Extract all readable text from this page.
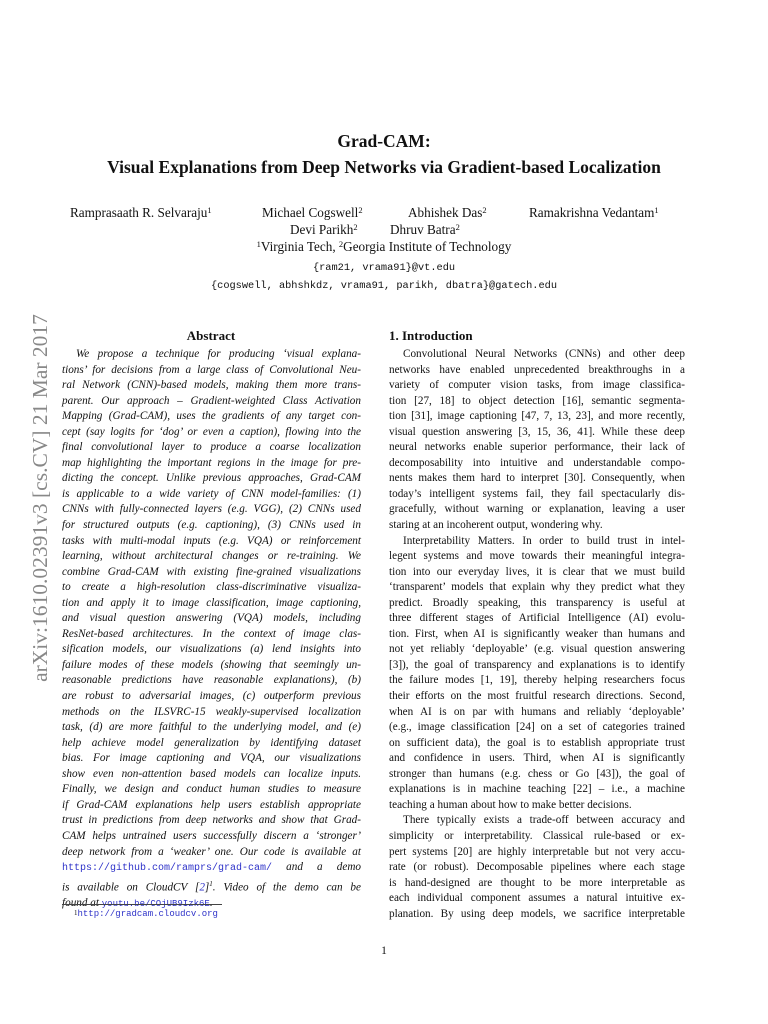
arXiv:1610.02391v3 [cs.CV] 21 Mar 2017
Grad-CAM:
Visual Explanations from Deep Networks via Gradient-based Localization
Ramprasaath R. Selvaraju$^1$	Michael Cogswell$^2$	Abhishek Das$^2$	Ramakrishna Vedantam$^1$
Devi Parikh$^2$ Dhruv Batra$^2$
$^1$Virginia Tech, $^2$Georgia Institute of Technology
{ram21, vrama91}@vt.edu
{cogswell, abhshkdz, vrama91, parikh, dbatra}@gatech.edu
Abstract
We propose a technique for producing ‘visual explana-
tions’ for decisions from a large class of Convolutional Neu-
ral Network (CNN)-based models, making them more trans-
parent. Our approach – Gradient-weighted Class Activation
Mapping (Grad-CAM), uses the gradients of any target con-
cept (say logits for ‘dog’ or even a caption), flowing into the
final convolutional layer to produce a coarse localization
map highlighting the important regions in the image for pre-
dicting the concept. Unlike previous approaches, Grad-CAM
is applicable to a wide variety of CNN model-families: (1)
CNNs with fully-connected layers (e.g. VGG), (2) CNNs used
for structured outputs (e.g. captioning), (3) CNNs used in
tasks with multi-modal inputs (e.g. VQA) or reinforcement
learning, without architectural changes or re-training. We
combine Grad-CAM with existing fine-grained visualizations
to create a high-resolution class-discriminative visualiza-
tion and apply it to image classification, image captioning,
and visual question answering (VQA) models, including
ResNet-based architectures. In the context of image clas-
sification models, our visualizations (a) lend insights into
failure modes of these models (showing that seemingly un-
reasonable predictions have reasonable explanations), (b)
are robust to adversarial images, (c) outperform previous
methods on the ILSVRC-15 weakly-supervised localization
task, (d) are more faithful to the underlying model, and (e)
help achieve model generalization by identifying dataset
bias. For image captioning and VQA, our visualizations
show even non-attention based models can localize inputs.
Finally, we design and conduct human studies to measure
if Grad-CAM explanations help users establish appropriate
trust in predictions from deep networks and show that Grad-
CAM helps untrained users successfully discern a ‘stronger’
deep network from a ‘weaker’ one. Our code is available at
https://github.com/ramprs/grad-cam/ and a demo
is available on CloudCV $[2]^1$. Video of the demo can be
found at youtu.be/COjUB9Izk6E.
$^1$http://gradcam.cloudcv.org
1. Introduction
Convolutional Neural Networks (CNNs) and other deep
networks have enabled unprecedented breakthroughs in a
variety of computer vision tasks, from image classifica-
tion [27, 18] to object detection [16], semantic segmenta-
tion [31], image captioning [47, 7, 13, 23], and more recently,
visual question answering [3, 15, 36, 41]. While these deep
neural networks enable superior performance, their lack of
decomposability into intuitive and understandable compo-
nents makes them hard to interpret [30]. Consequently, when
today’s intelligent systems fail, they fail spectacularly dis-
gracefully, without warning or explanation, leaving a user
staring at an incoherent output, wondering why.
Interpretability Matters. In order to build trust in intel-
legent systems and move towards their meaningful integra-
tion into our everyday lives, it is clear that we must build
‘transparent’ models that explain why they predict what they
predict. Broadly speaking, this transparency is useful at
three different stages of Artificial Intelligence (AI) evolu-
tion. First, when AI is significantly weaker than humans and
not yet reliably ‘deployable’ (e.g. visual question answering
[3]), the goal of transparency and explanations is to identify
the failure modes [1, 19], thereby helping researchers focus
their efforts on the most fruitful research directions. Second,
when AI is on par with humans and reliably ‘deployable’
(e.g., image classification [24] on a set of categories trained
on sufficient data), the goal is to establish appropriate trust
and confidence in users. Third, when AI is significantly
stronger than humans (e.g. chess or Go [43]), the goal of
explanations is in machine teaching [22] – i.e., a machine
teaching a human about how to make better decisions.
There typically exists a trade-off between accuracy and
simplicity or interpretability. Classical rule-based or ex-
pert systems [20] are highly interpretable but not very accu-
rate (or robust). Decomposable pipelines where each stage
is hand-designed are thought to be more interpretable as
each individual component assumes a natural intuitive ex-
planation. By using deep models, we sacrifice interpretable
1
